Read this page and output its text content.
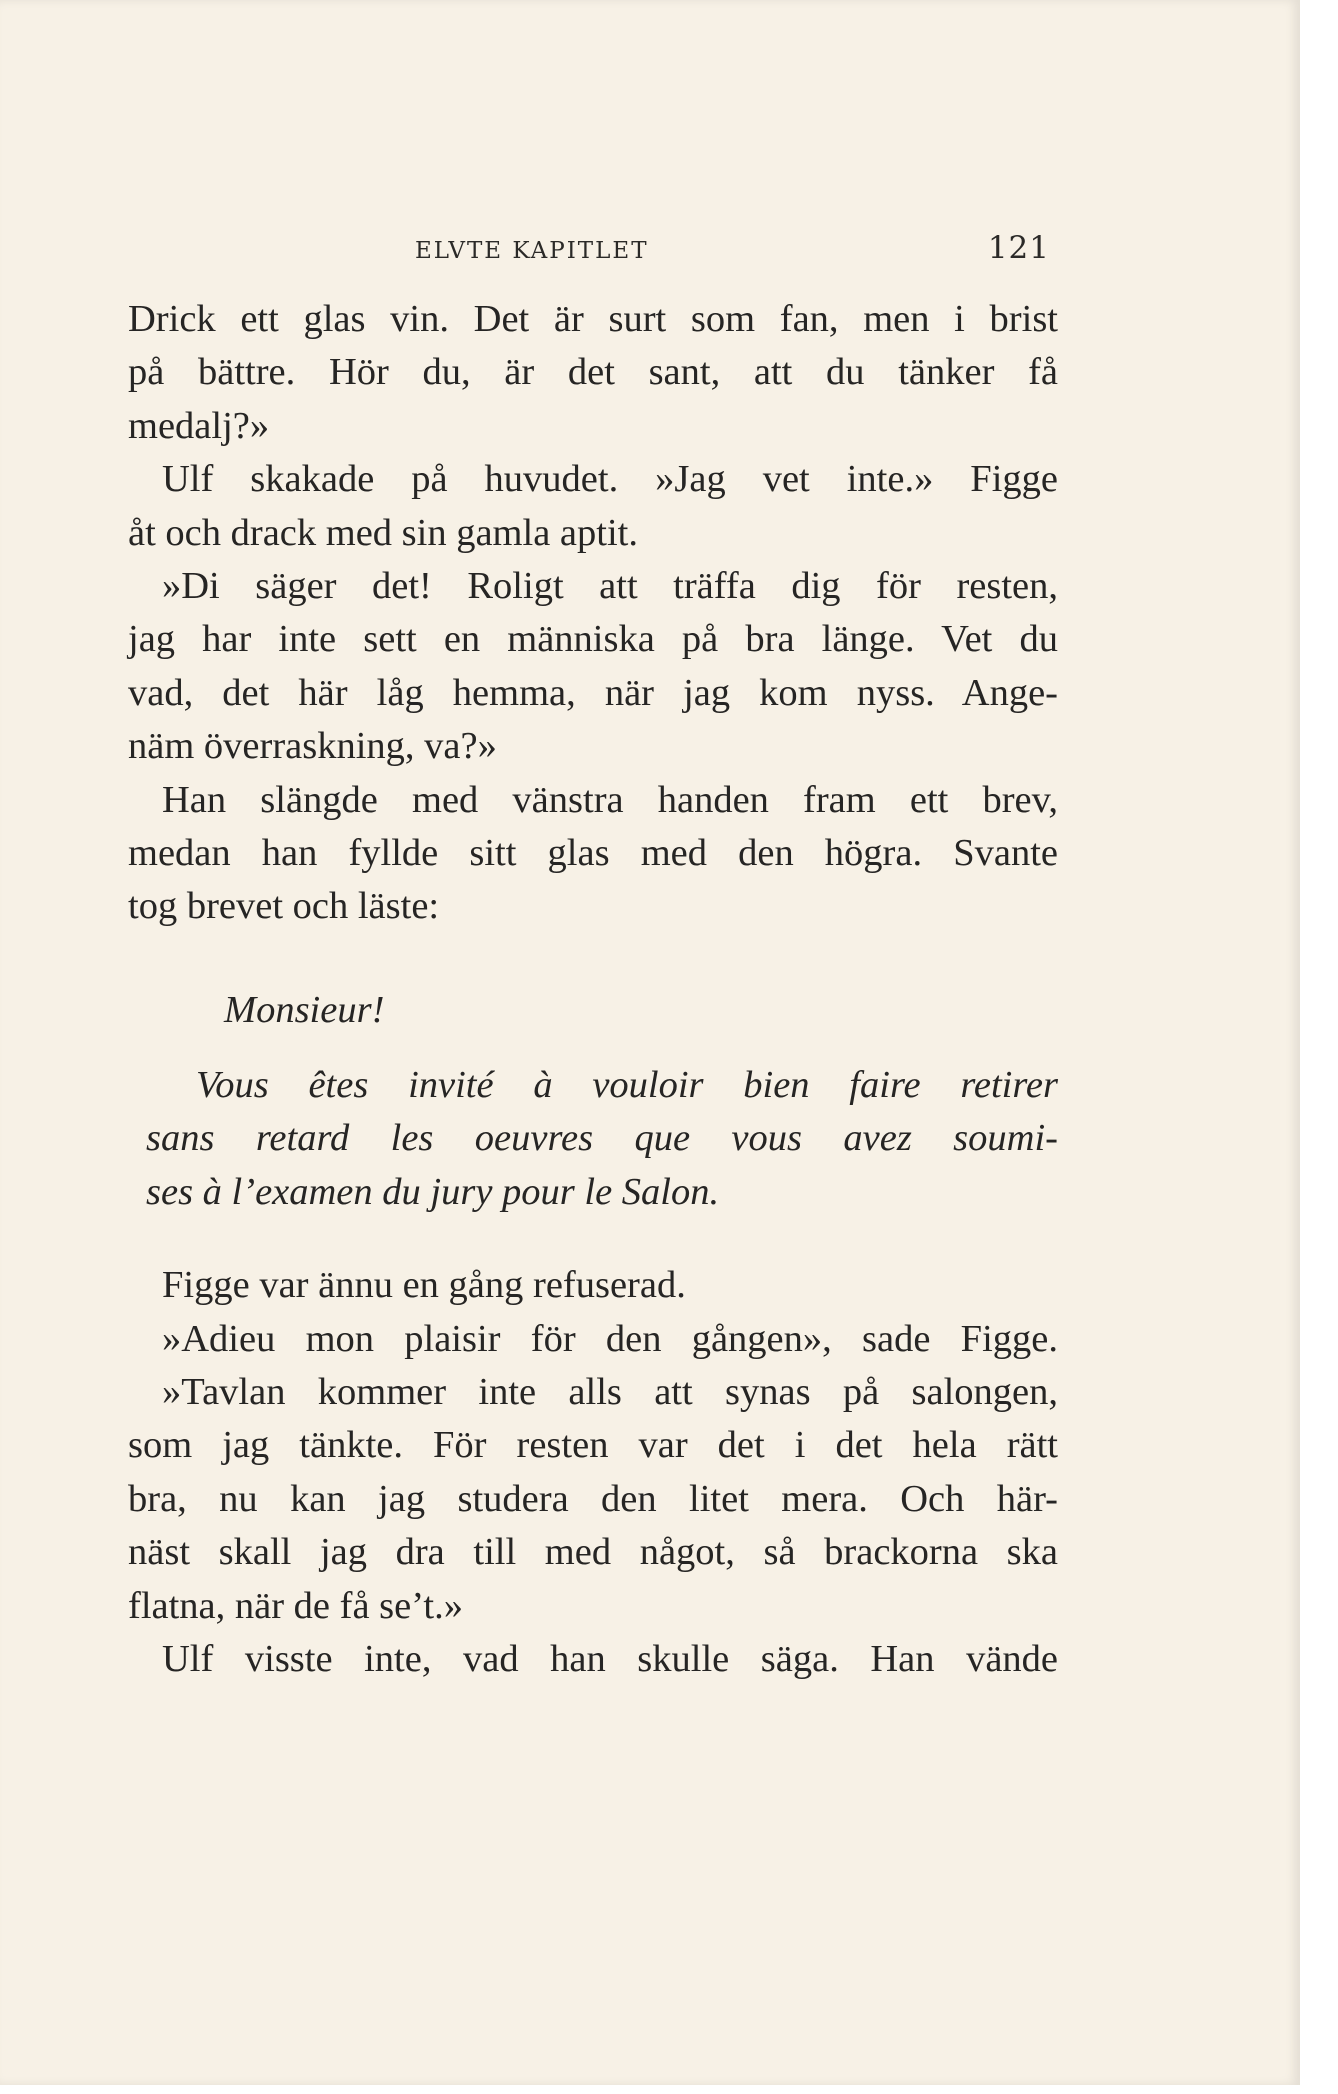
ELVTE KAPITLET	121
Drick ett glas vin. Det är surt som fan, men i brist
på bättre. Hör du, är det sant, att du tänker få
medalj?»
Ulf skakade på huvudet. »Jag vet inte.» Figge
åt och drack med sin gamla aptit.
»Di säger det! Roligt att träffa dig för resten,
jag har inte sett en människa på bra länge. Vet du
vad, det här låg hemma, när jag kom nyss. Ange-
näm överraskning, va?»
Han slängde med vänstra handen fram ett brev,
medan han fyllde sitt glas med den högra. Svante
tog brevet och läste:
Monsieur!
Vous êtes invité à vouloir bien faire retirer
sans retard les oeuvres que vous avez soumi-
ses à l’examen du jury pour le Salon.
Figge var ännu en gång refuserad.
»Adieu mon plaisir för den gången», sade Figge.
»Tavlan kommer inte alls att synas på salongen,
som jag tänkte. För resten var det i det hela rätt
bra, nu kan jag studera den litet mera. Och här-
näst skall jag dra till med något, så brackorna ska
flatna, när de få se’t.»
Ulf visste inte, vad han skulle säga. Han vände
